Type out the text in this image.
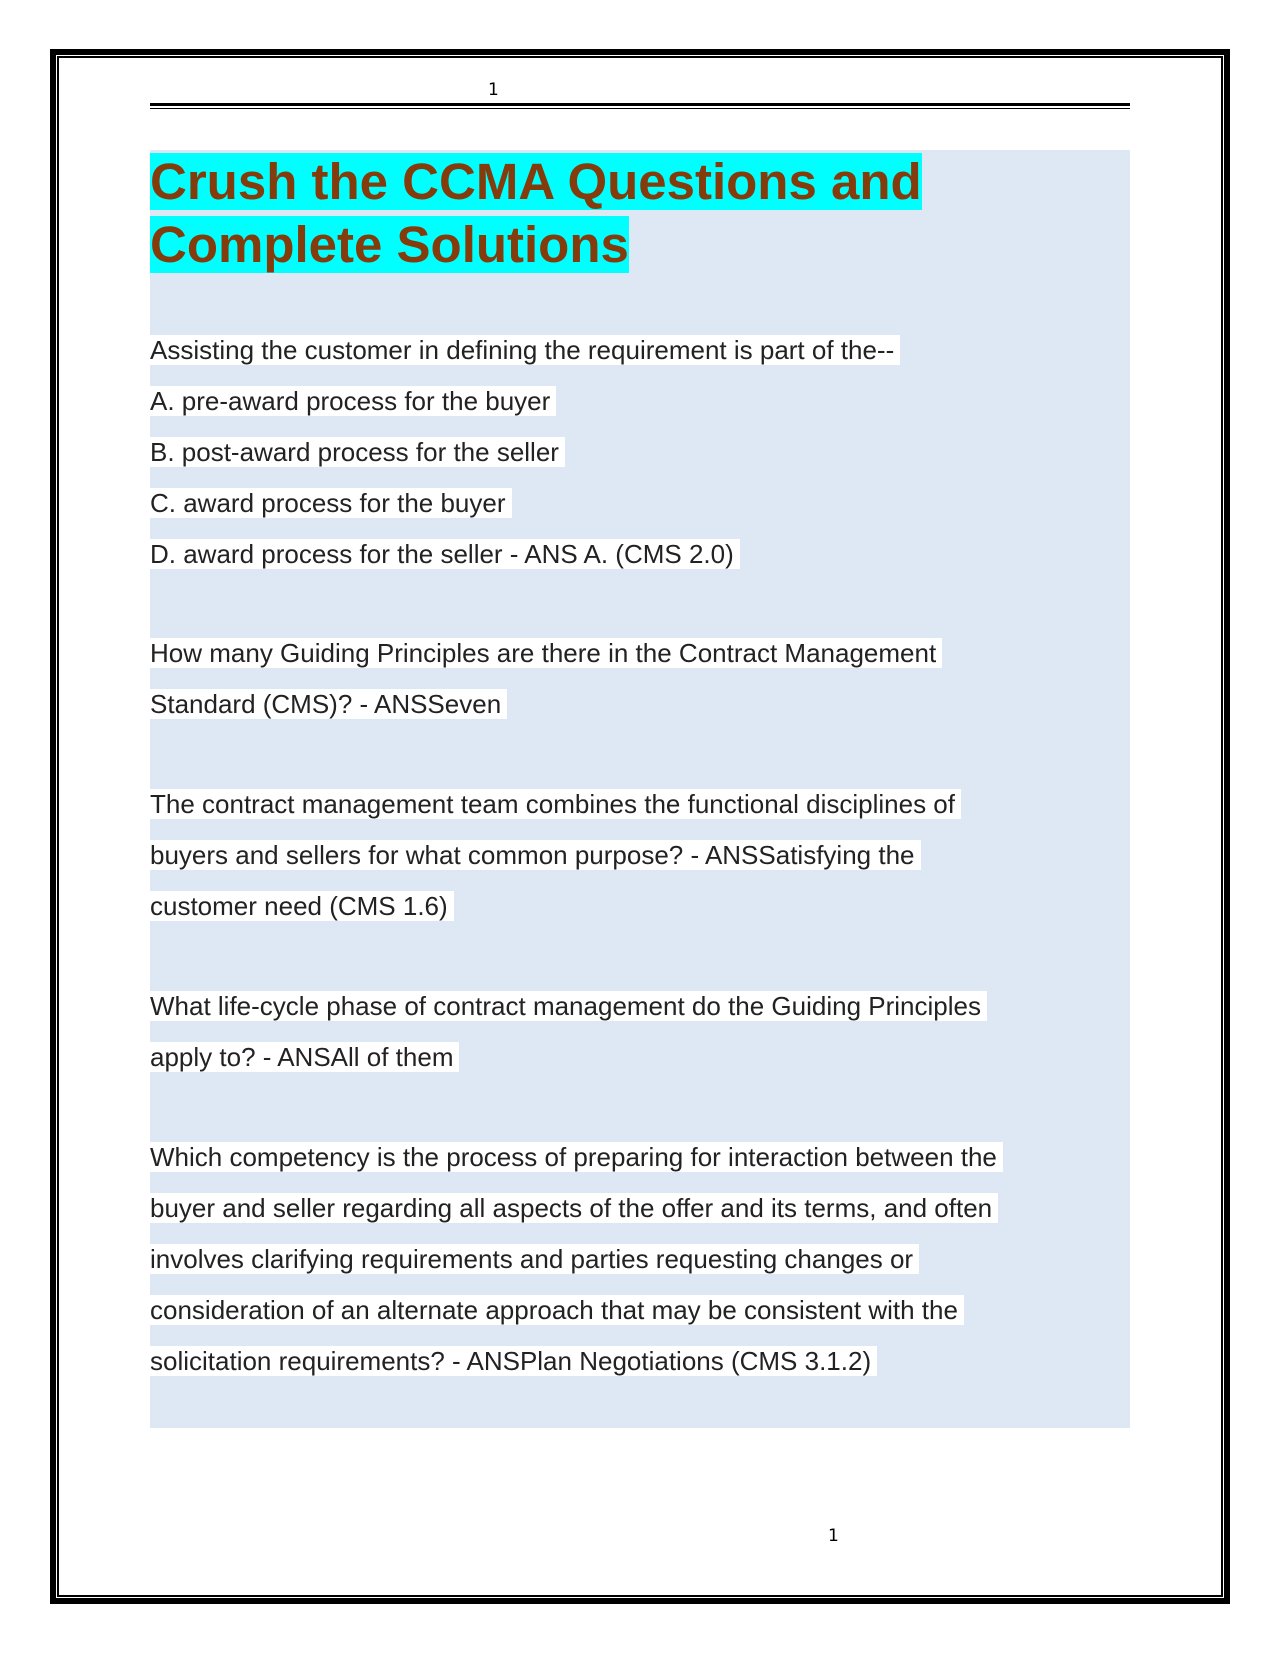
1
Crush the CCMA Questions and
Complete Solutions
Assisting the customer in defining the requirement is part of the--
A. pre-award process for the buyer
B. post-award process for the seller
C. award process for the buyer
D. award process for the seller - ANS A. (CMS 2.0)
How many Guiding Principles are there in the Contract Management
Standard (CMS)? - ANSSeven
The contract management team combines the functional disciplines of
buyers and sellers for what common purpose? - ANSSatisfying the
customer need (CMS 1.6)
What life-cycle phase of contract management do the Guiding Principles
apply to? - ANSAll of them
Which competency is the process of preparing for interaction between the
buyer and seller regarding all aspects of the offer and its terms, and often
involves clarifying requirements and parties requesting changes or
consideration of an alternate approach that may be consistent with the
solicitation requirements? - ANSPlan Negotiations (CMS 3.1.2)
1
